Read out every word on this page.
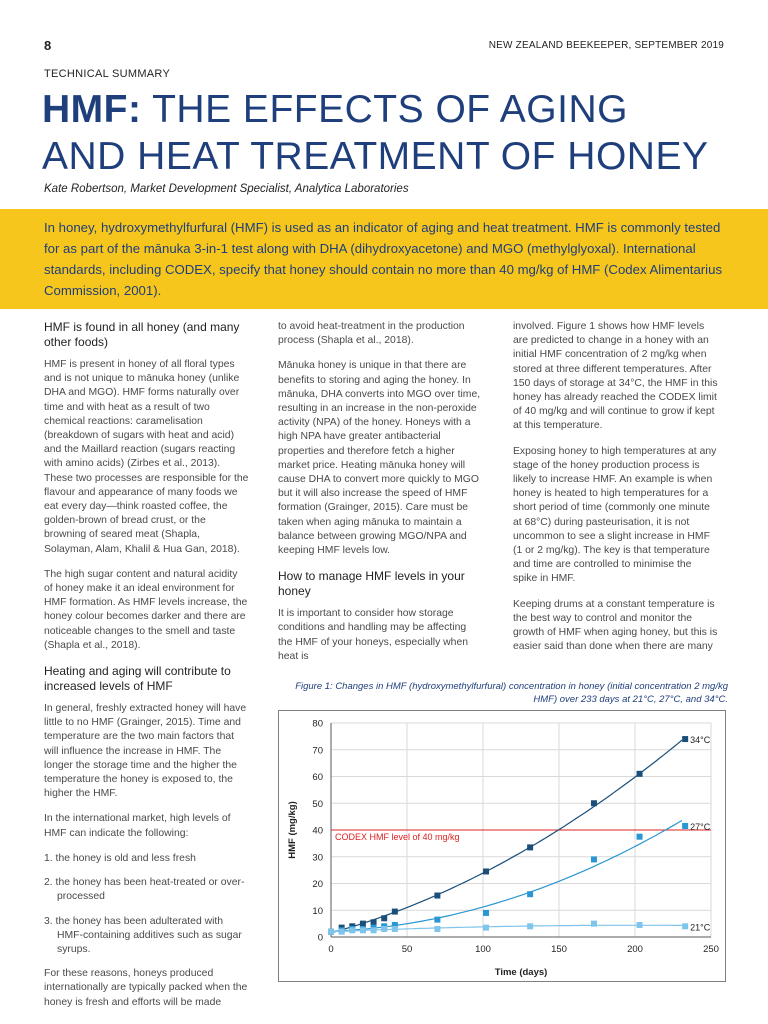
8	NEW ZEALAND BEEKEEPER, SEPTEMBER 2019
TECHNICAL SUMMARY
HMF: THE EFFECTS OF AGING
AND HEAT TREATMENT OF HONEY
Kate Robertson, Market Development Specialist, Analytica Laboratories
In honey, hydroxymethylfurfural (HMF) is used as an indicator of aging and heat treatment. HMF is commonly tested for as part of the mānuka 3-in-1 test along with DHA (dihydroxyacetone) and MGO (methylglyoxal). International standards, including CODEX, specify that honey should contain no more than 40 mg/kg of HMF (Codex Alimentarius Commission, 2001).
HMF is found in all honey (and many other foods)

HMF is present in honey of all floral types and is not unique to mānuka honey (unlike DHA and MGO). HMF forms naturally over time and with heat as a result of two chemical reactions: caramelisation (breakdown of sugars with heat and acid) and the Maillard reaction (sugars reacting with amino acids) (Zirbes et al., 2013). These two processes are responsible for the flavour and appearance of many foods we eat every day—think roasted coffee, the golden-brown of bread crust, or the browning of seared meat (Shapla, Solayman, Alam, Khalil & Hua Gan, 2018).

The high sugar content and natural acidity of honey make it an ideal environment for HMF formation. As HMF levels increase, the honey colour becomes darker and there are noticeable changes to the smell and taste (Shapla et al., 2018).

Heating and aging will contribute to increased levels of HMF

In general, freshly extracted honey will have little to no HMF (Grainger, 2015). Time and temperature are the two main factors that will influence the increase in HMF. The longer the storage time and the higher the temperature the honey is exposed to, the higher the HMF.

In the international market, high levels of HMF can indicate the following:

1. the honey is old and less fresh
2. the honey has been heat-treated or over-processed
3. the honey has been adulterated with HMF-containing additives such as sugar syrups.

For these reasons, honeys produced internationally are typically packed when the honey is fresh and efforts will be made

to avoid heat-treatment in the production process (Shapla et al., 2018).

Mānuka honey is unique in that there are benefits to storing and aging the honey. In mānuka, DHA converts into MGO over time, resulting in an increase in the non-peroxide activity (NPA) of the honey. Honeys with a high NPA have greater antibacterial properties and therefore fetch a higher market price. Heating mānuka honey will cause DHA to convert more quickly to MGO but it will also increase the speed of HMF formation (Grainger, 2015). Care must be taken when aging mānuka to maintain a balance between growing MGO/NPA and keeping HMF levels low.

How to manage HMF levels in your honey

It is important to consider how storage conditions and handling may be affecting the HMF of your honeys, especially when heat is

involved. Figure 1 shows how HMF levels are predicted to change in a honey with an initial HMF concentration of 2 mg/kg when stored at three different temperatures. After 150 days of storage at 34°C, the HMF in this honey has already reached the CODEX limit of 40 mg/kg and will continue to grow if kept at this temperature.

Exposing honey to high temperatures at any stage of the honey production process is likely to increase HMF. An example is when honey is heated to high temperatures for a short period of time (commonly one minute at 68°C) during pasteurisation, it is not uncommon to see a slight increase in HMF (1 or 2 mg/kg). The key is that temperature and time are controlled to minimise the spike in HMF.

Keeping drums at a constant temperature is the best way to control and monitor the growth of HMF when aging honey, but this is easier said than done when there are many

Figure 1: Changes in HMF (hydroxymethylfurfural) concentration in honey (initial concentration 2 mg/kg HMF) over 233 days at 21°C, 27°C, and 34°C.
0
10
20
30
40
50
60
70
80
0	50	100	150	200	250
Time (days)
HMF (mg/kg)	CODEX HMF level of 40 mg/kg
34°C
27°C
21°C
